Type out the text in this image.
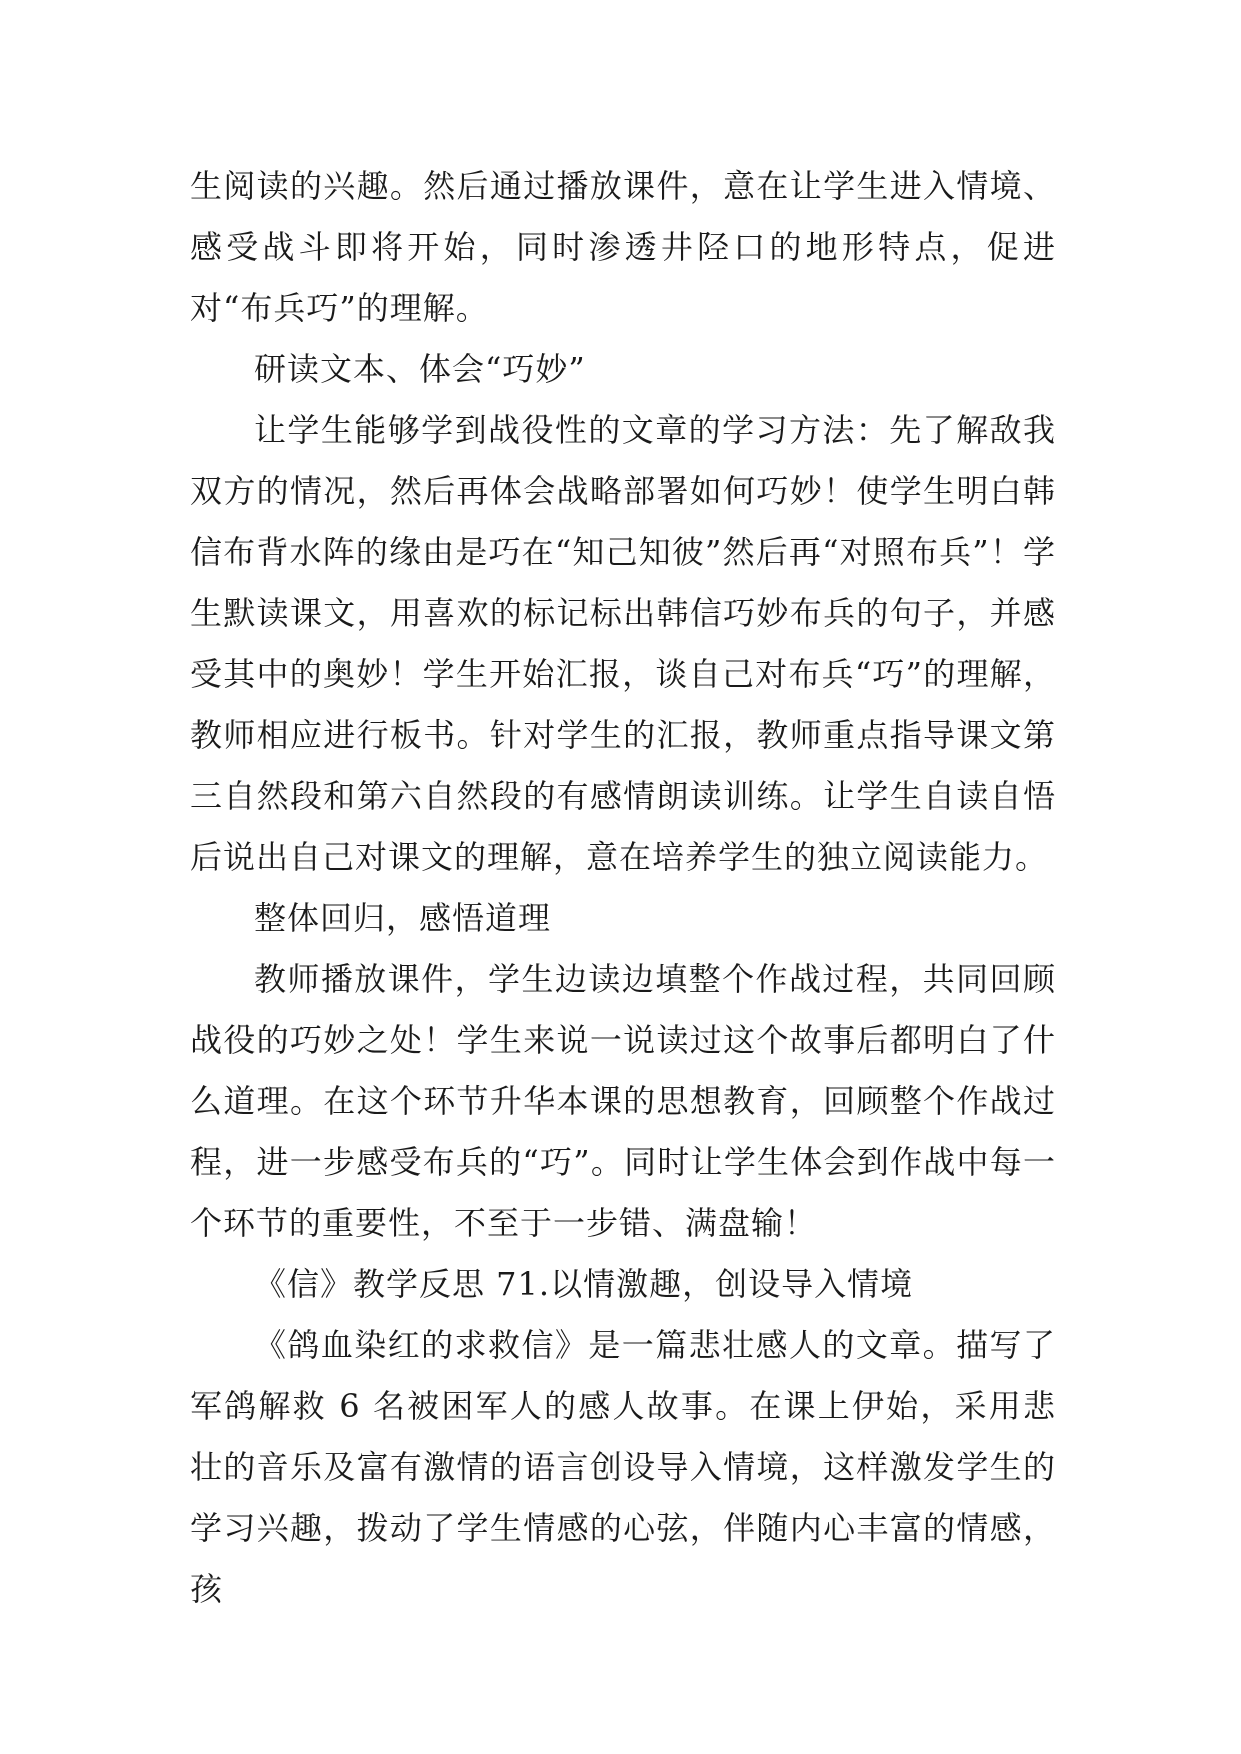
生阅读的兴趣。然后通过播放课件，意在让学生进入情境、感受战斗即将开始，同时渗透井陉口的地形特点，促进对“布兵巧”的理解。

研读文本、体会“巧妙”

让学生能够学到战役性的文章的学习方法：先了解敌我双方的情况，然后再体会战略部署如何巧妙！使学生明白韩信布背水阵的缘由是巧在“知己知彼”然后再“对照布兵”！学生默读课文，用喜欢的标记标出韩信巧妙布兵的句子，并感受其中的奥妙！学生开始汇报，谈自己对布兵“巧”的理解，教师相应进行板书。针对学生的汇报，教师重点指导课文第三自然段和第六自然段的有感情朗读训练。让学生自读自悟后说出自己对课文的理解，意在培养学生的独立阅读能力。

整体回归，感悟道理

教师播放课件，学生边读边填整个作战过程，共同回顾战役的巧妙之处！学生来说一说读过这个故事后都明白了什么道理。在这个环节升华本课的思想教育，回顾整个作战过程，进一步感受布兵的“巧”。同时让学生体会到作战中每一个环节的重要性，不至于一步错、满盘输！

《信》教学反思 71.以情激趣，创设导入情境

《鸽血染红的求救信》是一篇悲壮感人的文章。描写了军鸽解救 6 名被困军人的感人故事。在课上伊始，采用悲壮的音乐及富有激情的语言创设导入情境，这样激发学生的学习兴趣，拨动了学生情感的心弦，伴随内心丰富的情感，孩
